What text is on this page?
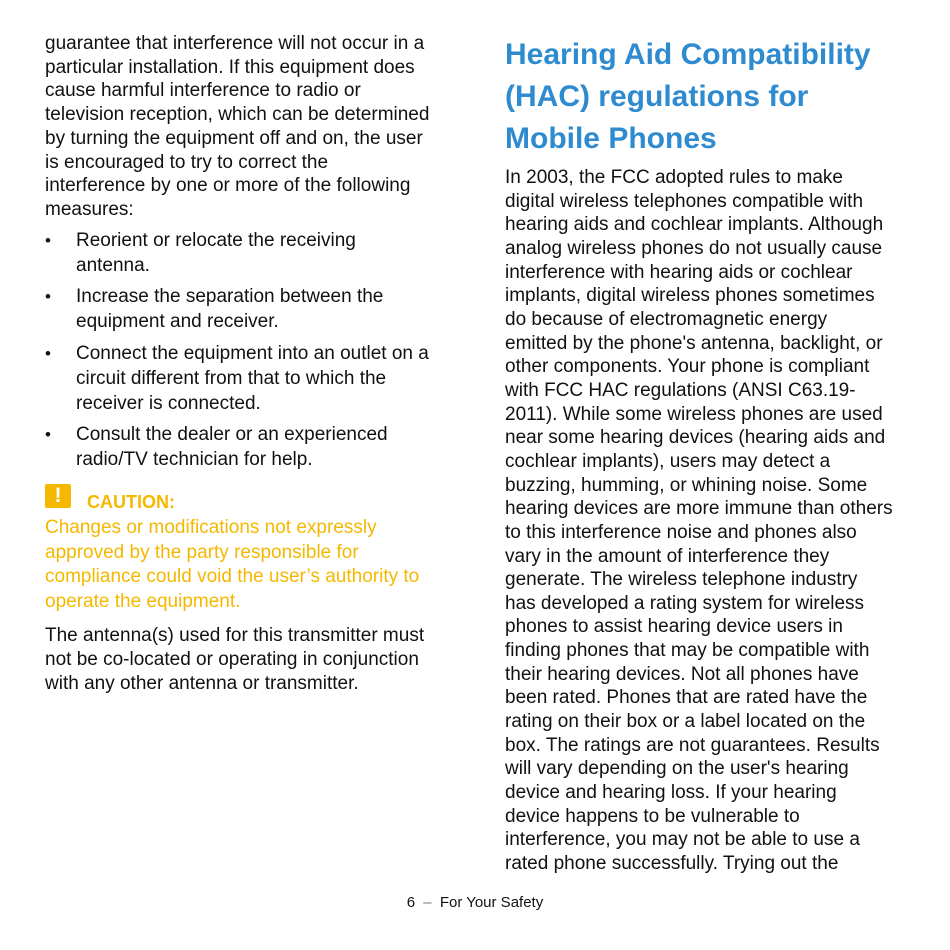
guarantee that interference will not occur in a
particular installation. If this equipment does
cause harmful interference to radio or
television reception, which can be determined
by turning the equipment off and on, the user
is encouraged to try to correct the
interference by one or more of the following
measures:

• Reorient or relocate the receiving
antenna.
• Increase the separation between the
equipment and receiver.
• Connect the equipment into an outlet on a
circuit different from that to which the
receiver is connected.
• Consult the dealer or an experienced
radio/TV technician for help.
!	CAUTION:

Changes or modifications not expressly
approved by the party responsible for
compliance could void the user’s authority to
operate the equipment.

The antenna(s) used for this transmitter must
not be co-located or operating in conjunction
with any other antenna or transmitter.

Hearing Aid Compatibility
(HAC) regulations for
Mobile Phones

In 2003, the FCC adopted rules to make
digital wireless telephones compatible with
hearing aids and cochlear implants. Although
analog wireless phones do not usually cause
interference with hearing aids or cochlear
implants, digital wireless phones sometimes
do because of electromagnetic energy
emitted by the phone's antenna, backlight, or
other components. Your phone is compliant
with FCC HAC regulations (ANSI C63.19-
2011). While some wireless phones are used
near some hearing devices (hearing aids and
cochlear implants), users may detect a
buzzing, humming, or whining noise. Some
hearing devices are more immune than others
to this interference noise and phones also
vary in the amount of interference they
generate. The wireless telephone industry
has developed a rating system for wireless
phones to assist hearing device users in
finding phones that may be compatible with
their hearing devices. Not all phones have
been rated. Phones that are rated have the
rating on their box or a label located on the
box. The ratings are not guarantees. Results
will vary depending on the user's hearing
device and hearing loss. If your hearing
device happens to be vulnerable to
interference, you may not be able to use a
rated phone successfully. Trying out the

6 – For Your Safety
